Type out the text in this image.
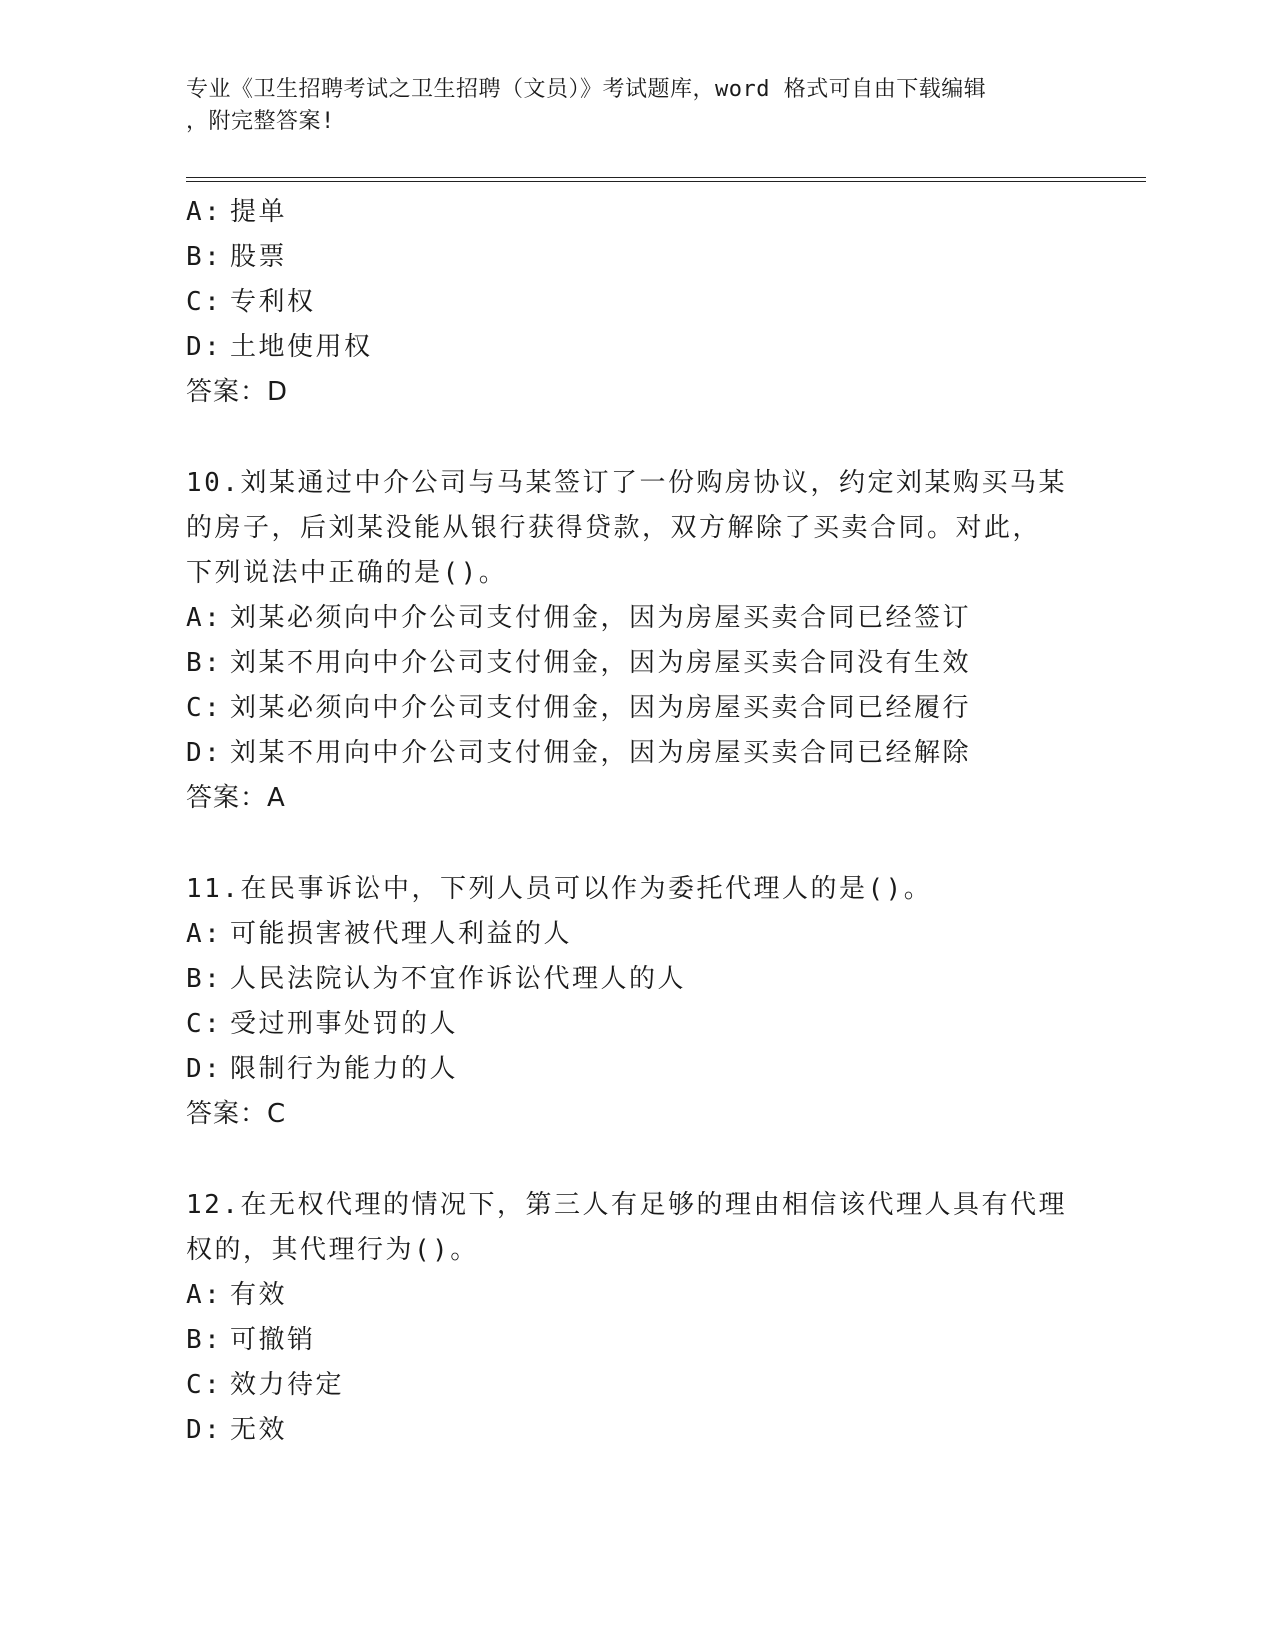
专业《卫生招聘考试之卫生招聘（文员）》考试题库，word 格式可自由下载编辑

，附完整答案!

A: 提单

B: 股票

C: 专利权

D: 土地使用权

答案：D

10.刘某通过中介公司与马某签订了一份购房协议，约定刘某购买马某

的房子，后刘某没能从银行获得贷款，双方解除了买卖合同。对此，

下列说法中正确的是()。

A: 刘某必须向中介公司支付佣金，因为房屋买卖合同已经签订

B: 刘某不用向中介公司支付佣金，因为房屋买卖合同没有生效

C: 刘某必须向中介公司支付佣金，因为房屋买卖合同已经履行

D: 刘某不用向中介公司支付佣金，因为房屋买卖合同已经解除

答案：A

11.在民事诉讼中，下列人员可以作为委托代理人的是()。

A: 可能损害被代理人利益的人

B: 人民法院认为不宜作诉讼代理人的人

C: 受过刑事处罚的人

D: 限制行为能力的人

答案：C

12.在无权代理的情况下，第三人有足够的理由相信该代理人具有代理

权的，其代理行为()。

A: 有效

B: 可撤销

C: 效力待定

D: 无效
